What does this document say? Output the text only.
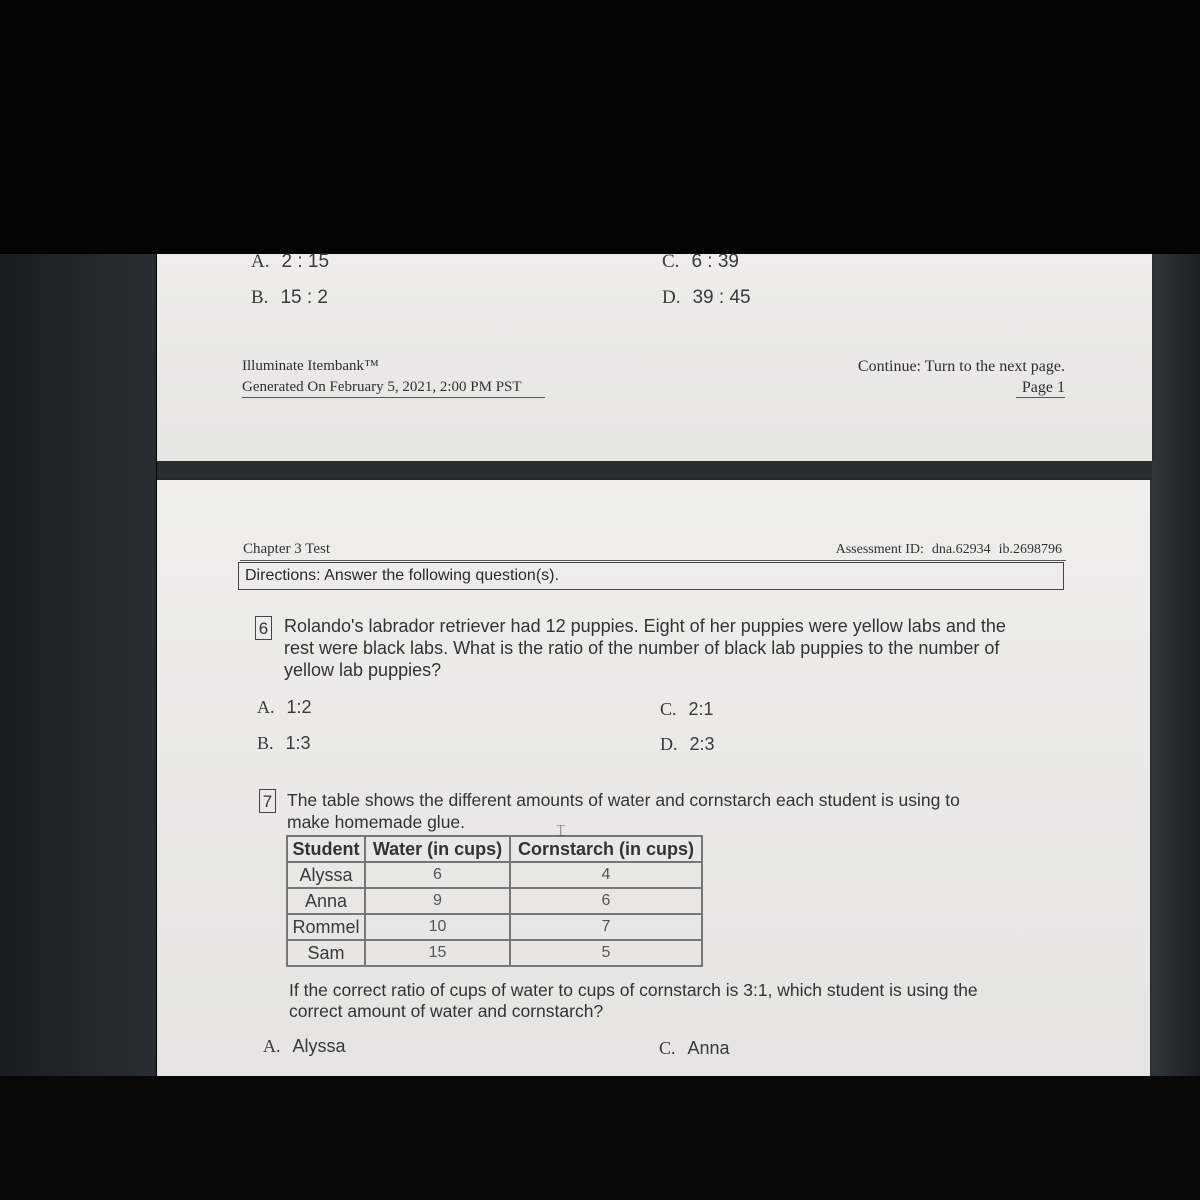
A. 2 : 15
B. 15 : 2
C. 6 : 39
D. 39 : 45
Illuminate Itembank™
Generated On February 5, 2021, 2:00 PM PST
Continue: Turn to the next page.
Page 1
Chapter 3 Test	Assessment ID: dna.62934 ib.2698796
Directions: Answer the following question(s).
6 Rolando's labrador retriever had 12 puppies. Eight of her puppies were yellow labs and the
rest were black labs. What is the ratio of the number of black lab puppies to the number of
yellow lab puppies?
A. 1:2
B. 1:3
C. 2:1
D. 2:3
7 The table shows the different amounts of water and cornstarch each student is using to
make homemade glue.
Student	Water (in cups)	Cornstarch (in cups)
Alyssa	6	4
Anna	9	6
Rommel	10	7
Sam	15	5
⌶
If the correct ratio of cups of water to cups of cornstarch is 3:1, which student is using the
correct amount of water and cornstarch?
A. Alyssa	C. Anna
